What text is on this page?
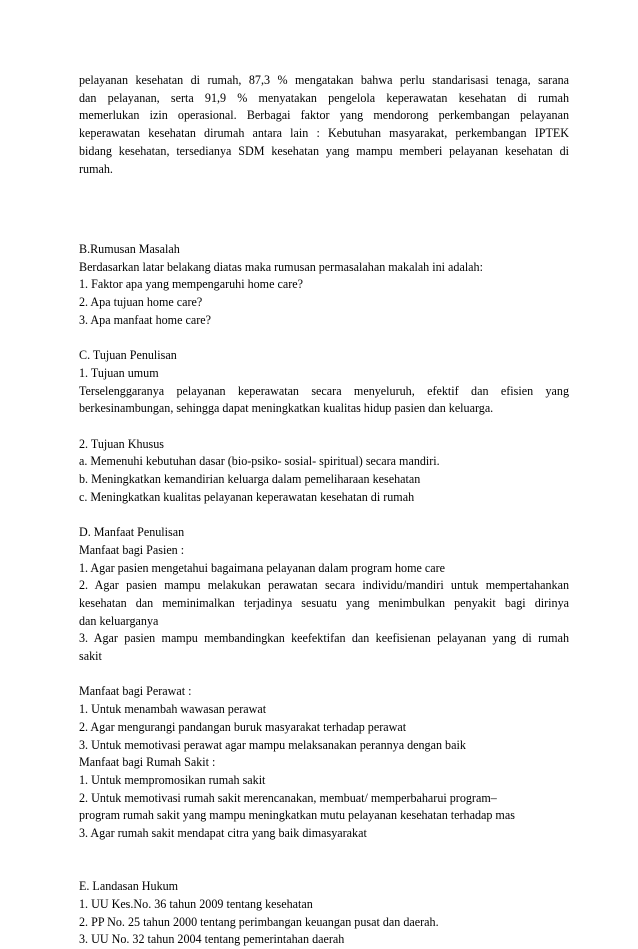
pelayanan kesehatan di rumah, 87,3 % mengatakan bahwa perlu standarisasi tenaga, sarana

dan pelayanan, serta 91,9 % menyatakan pengelola keperawatan kesehatan di rumah

memerlukan izin operasional. Berbagai faktor yang mendorong perkembangan pelayanan

keperawatan kesehatan dirumah antara lain : Kebutuhan masyarakat, perkembangan IPTEK

bidang kesehatan, tersedianya SDM kesehatan yang mampu memberi pelayanan kesehatan di

rumah.

B.Rumusan Masalah

Berdasarkan latar belakang diatas maka rumusan permasalahan makalah ini adalah:

1. Faktor apa yang mempengaruhi home care?

2. Apa tujuan home care?

3. Apa manfaat home care?

C. Tujuan Penulisan

1. Tujuan umum

Terselenggaranya pelayanan keperawatan secara menyeluruh, efektif dan efisien yang

berkesinambungan, sehingga dapat meningkatkan kualitas hidup pasien dan keluarga.

2. Tujuan Khusus

a. Memenuhi kebutuhan dasar (bio-psiko- sosial- spiritual) secara mandiri.

b. Meningkatkan kemandirian keluarga dalam pemeliharaan kesehatan

c. Meningkatkan kualitas pelayanan keperawatan kesehatan di rumah

D. Manfaat Penulisan

Manfaat bagi Pasien :

1. Agar pasien mengetahui bagaimana pelayanan dalam program home care

2. Agar pasien mampu melakukan perawatan secara individu/mandiri untuk mempertahankan

kesehatan dan meminimalkan terjadinya sesuatu yang menimbulkan penyakit bagi dirinya

dan keluarganya

3. Agar pasien mampu membandingkan keefektifan dan keefisienan pelayanan yang di rumah

sakit

Manfaat bagi Perawat :

1. Untuk menambah wawasan perawat

2. Agar mengurangi pandangan buruk masyarakat terhadap perawat

3. Untuk memotivasi perawat agar mampu melaksanakan perannya dengan baik

Manfaat bagi Rumah Sakit :

1. Untuk mempromosikan rumah sakit

2. Untuk memotivasi rumah sakit merencanakan, membuat/ memperbaharui program–

program rumah sakit yang mampu meningkatkan mutu pelayanan kesehatan terhadap mas

3. Agar rumah sakit mendapat citra yang baik dimasyarakat

E. Landasan Hukum

1. UU Kes.No. 36 tahun 2009 tentang kesehatan

2. PP No. 25 tahun 2000 tentang perimbangan keuangan pusat dan daerah.

3. UU No. 32 tahun 2004 tentang pemerintahan daerah
